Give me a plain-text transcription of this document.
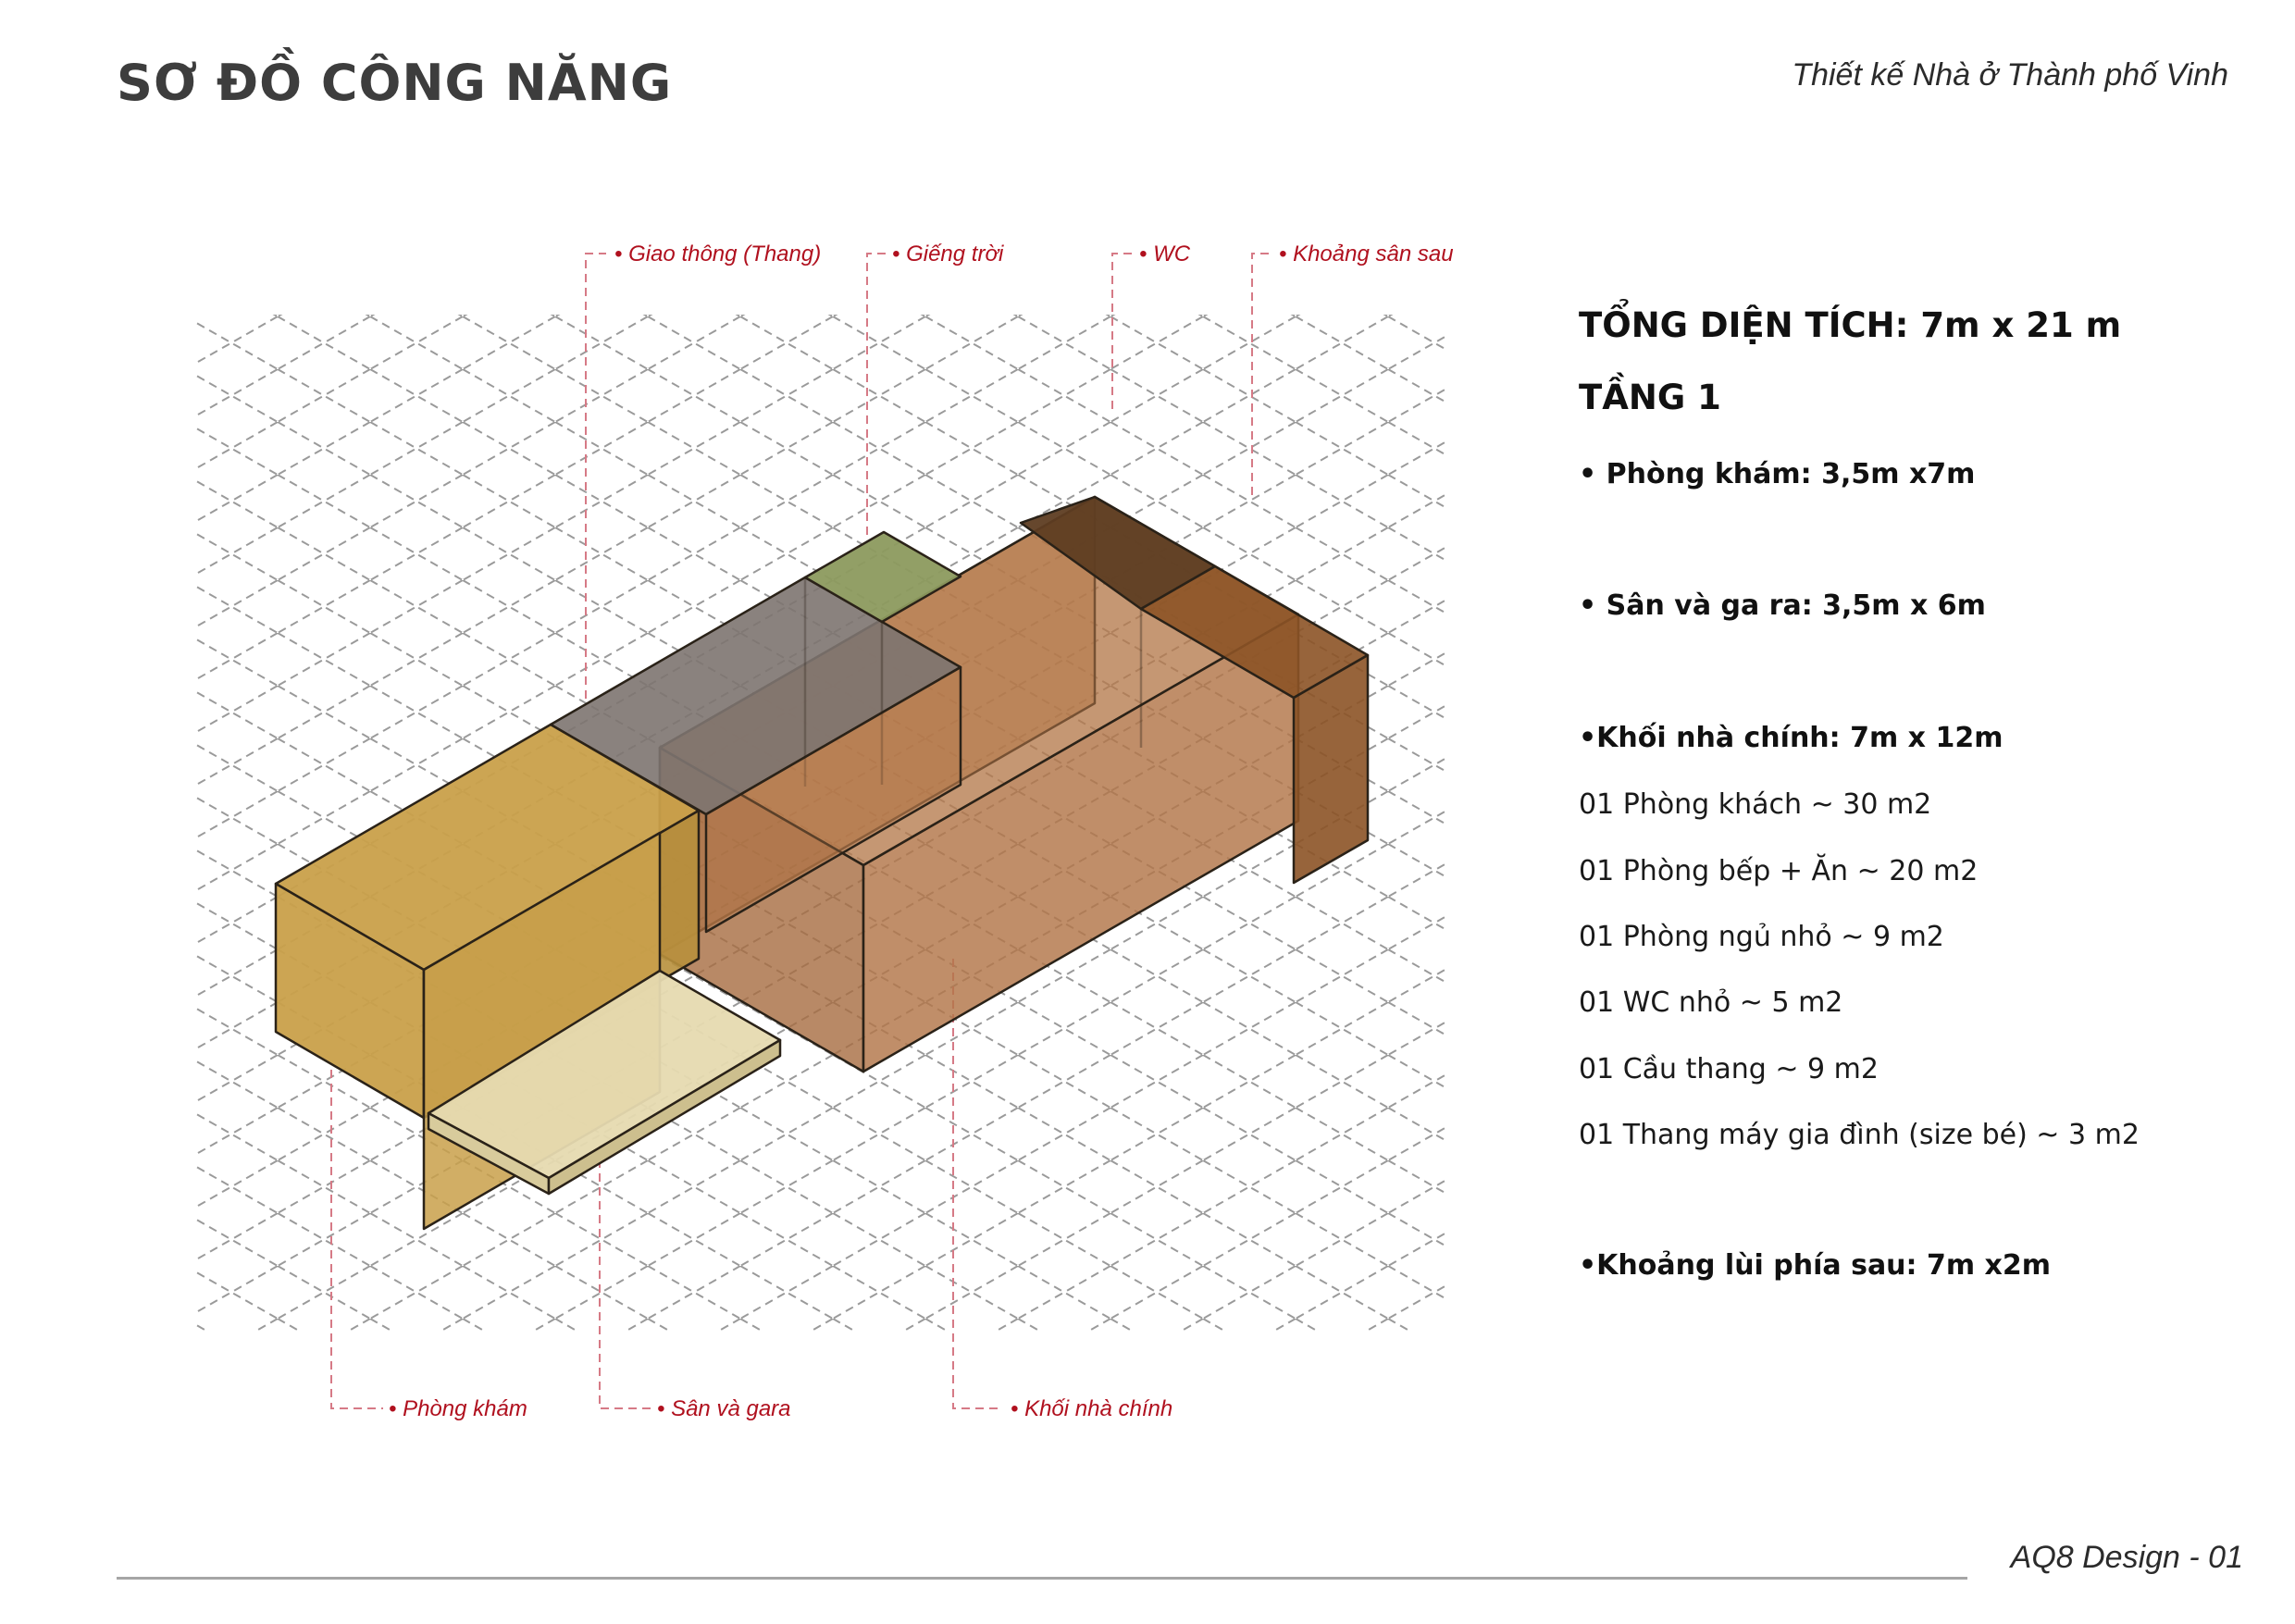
SƠ ĐỒ CÔNG NĂNG	Thiết kế Nhà ở Thành phố Vinh
• Giao thông (Thang)	• Giếng trời	• WC	• Khoảng sân sau
• Phòng khám	• Sân và gara	• Khối nhà chính
TỔNG DIỆN TÍCH: 7m x 21 m
TẦNG 1
• Phòng khám: 3,5m x7m
• Sân và ga ra: 3,5m x 6m
•Khối nhà chính: 7m x 12m
01 Phòng khách ~ 30 m2
01 Phòng bếp + Ăn ~ 20 m2
01 Phòng ngủ nhỏ ~ 9 m2
01 WC nhỏ ~ 5 m2
01 Cầu thang ~ 9 m2
01 Thang máy gia đình (size bé) ~ 3 m2
•Khoảng lùi phía sau: 7m x2m
AQ8 Design - 01
